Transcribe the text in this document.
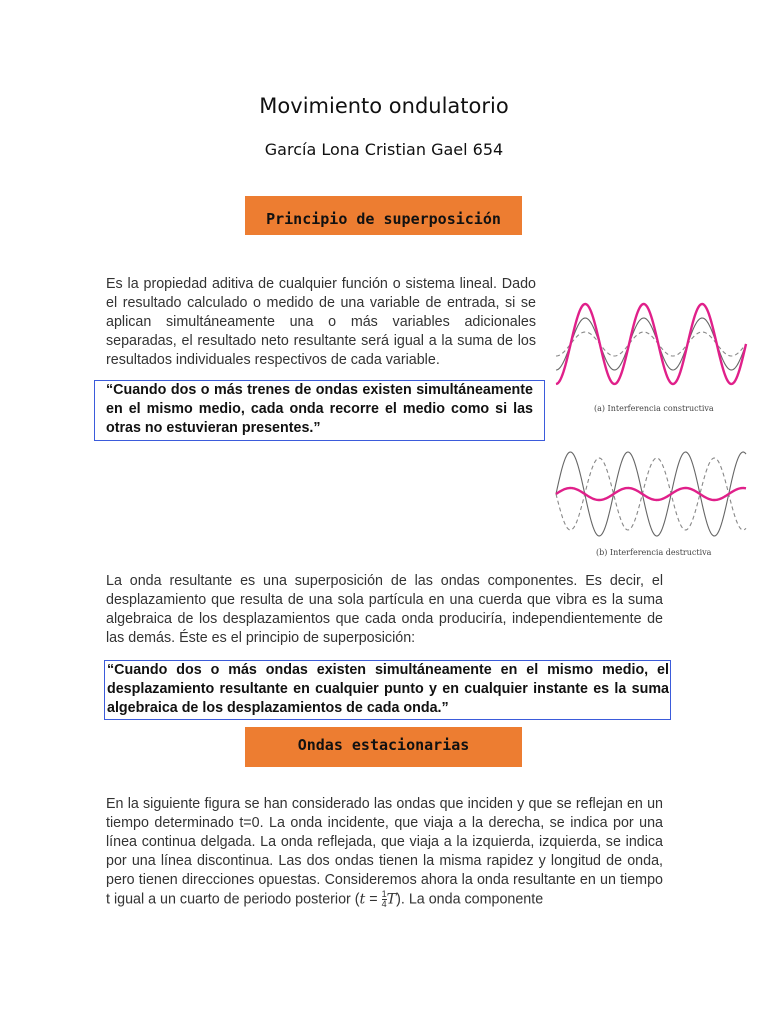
Movimiento ondulatorio
García Lona Cristian Gael 654
Principio de superposición
Es la propiedad aditiva de cualquier función o sistema lineal. Dado el resultado calculado o medido de una variable de entrada, si se aplican simultáneamente una o más variables adicionales separadas, el resultado neto resultante será igual a la suma de los resultados individuales respectivos de cada variable.
“Cuando dos o más trenes de ondas existen simultáneamente en el mismo medio, cada onda recorre el medio como si las otras no estuvieran presentes.”
(a) Interferencia constructiva
(b) Interferencia destructiva
La onda resultante es una superposición de las ondas componentes. Es decir, el desplazamiento que resulta de una sola partícula en una cuerda que vibra es la suma algebraica de los desplazamientos que cada onda produciría, independientemente de las demás. Éste es el principio de superposición:
“Cuando dos o más ondas existen simultáneamente en el mismo medio, el desplazamiento resultante en cualquier punto y en cualquier instante es la suma algebraica de los desplazamientos de cada onda.”
Ondas estacionarias
En la siguiente figura se han considerado las ondas que inciden y que se reflejan en un tiempo determinado t=0. La onda incidente, que viaja a la derecha, se indica por una línea continua delgada. La onda reflejada, que viaja a la izquierda, izquierda, se indica por una línea discontinua. Las dos ondas tienen la misma rapidez y longitud de onda, pero tienen direcciones opuestas. Consideremos ahora la onda resultante en un tiempo t igual a un cuarto de periodo posterior $(t = \frac{1}{4} T)$. La onda componente
